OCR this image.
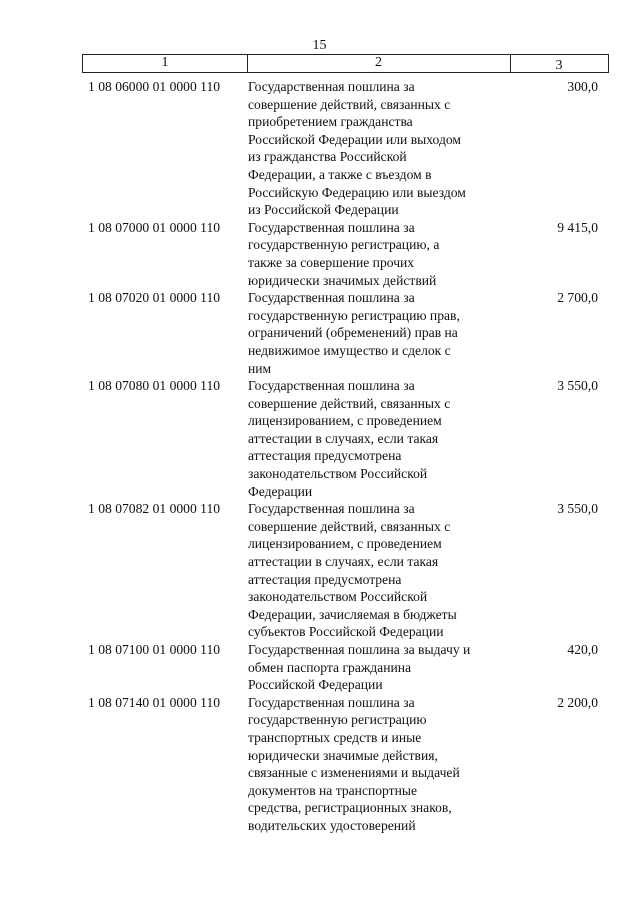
15
1	2	3
1 08 06000 01 0000 110 Государственная пошлина за
совершение действий, связанных с
приобретением гражданства
Российской Федерации или выходом
из гражданства Российской
Федерации, а также с въездом в
Российскую Федерацию или выездом
из Российской Федерации
300,0
1 08 07000 01 0000 110 Государственная пошлина за
государственную регистрацию, а
также за совершение прочих
юридически значимых действий
9 415,0
1 08 07020 01 0000 110 Государственная пошлина за
государственную регистрацию прав,
ограничений (обременений) прав на
недвижимое имущество и сделок с
ним
2 700,0
1 08 07080 01 0000 110 Государственная пошлина за
совершение действий, связанных с
лицензированием, с проведением
аттестации в случаях, если такая
аттестация предусмотрена
законодательством Российской
Федерации
3 550,0
1 08 07082 01 0000 110 Государственная пошлина за
совершение действий, связанных с
лицензированием, с проведением
аттестации в случаях, если такая
аттестация предусмотрена
законодательством Российской
Федерации, зачисляемая в бюджеты
субъектов Российской Федерации
3 550,0
1 08 07100 01 0000 110 Государственная пошлина за выдачу и
обмен паспорта гражданина
Российской Федерации
420,0
1 08 07140 01 0000 110 Государственная пошлина за
государственную регистрацию
транспортных средств и иные
юридически значимые действия,
связанные с изменениями и выдачей
документов на транспортные
средства, регистрационных знаков,
водительских удостоверений
2 200,0
